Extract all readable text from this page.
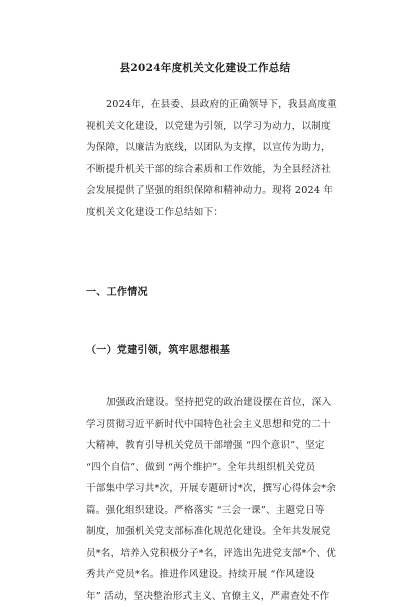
县2024年度机关文化建设工作总结
2024年，在县委、县政府的正确领导下，我县高度重
视机关文化建设，以党建为引领，以学习为动力，以制度
为保障，以廉洁为底线，以团队为支撑，以宣传为助力，
不断提升机关干部的综合素质和工作效能，为全县经济社
会发展提供了坚强的组织保障和精神动力。现将 2024 年
度机关文化建设工作总结如下：
一、工作情况
（一）党建引领，筑牢思想根基
加强政治建设。坚持把党的政治建设摆在首位，深入
学习贯彻习近平新时代中国特色社会主义思想和党的二十
大精神，教育引导机关党员干部增强 “四个意识”、坚定
“四个自信”、做到 “两个维护”。全年共组织机关党员
干部集中学习共*次，开展专题研讨*次，撰写心得体会*余
篇。强化组织建设。严格落实 “三会一课”、主题党日等
制度，加强机关党支部标准化规范化建设。全年共发展党
员*名，培养入党积极分子*名，评选出先进党支部*个、优
秀共产党员*名。推进作风建设。持续开展 “作风建设
年” 活动，坚决整治形式主义、官僚主义，严肃查处不作
